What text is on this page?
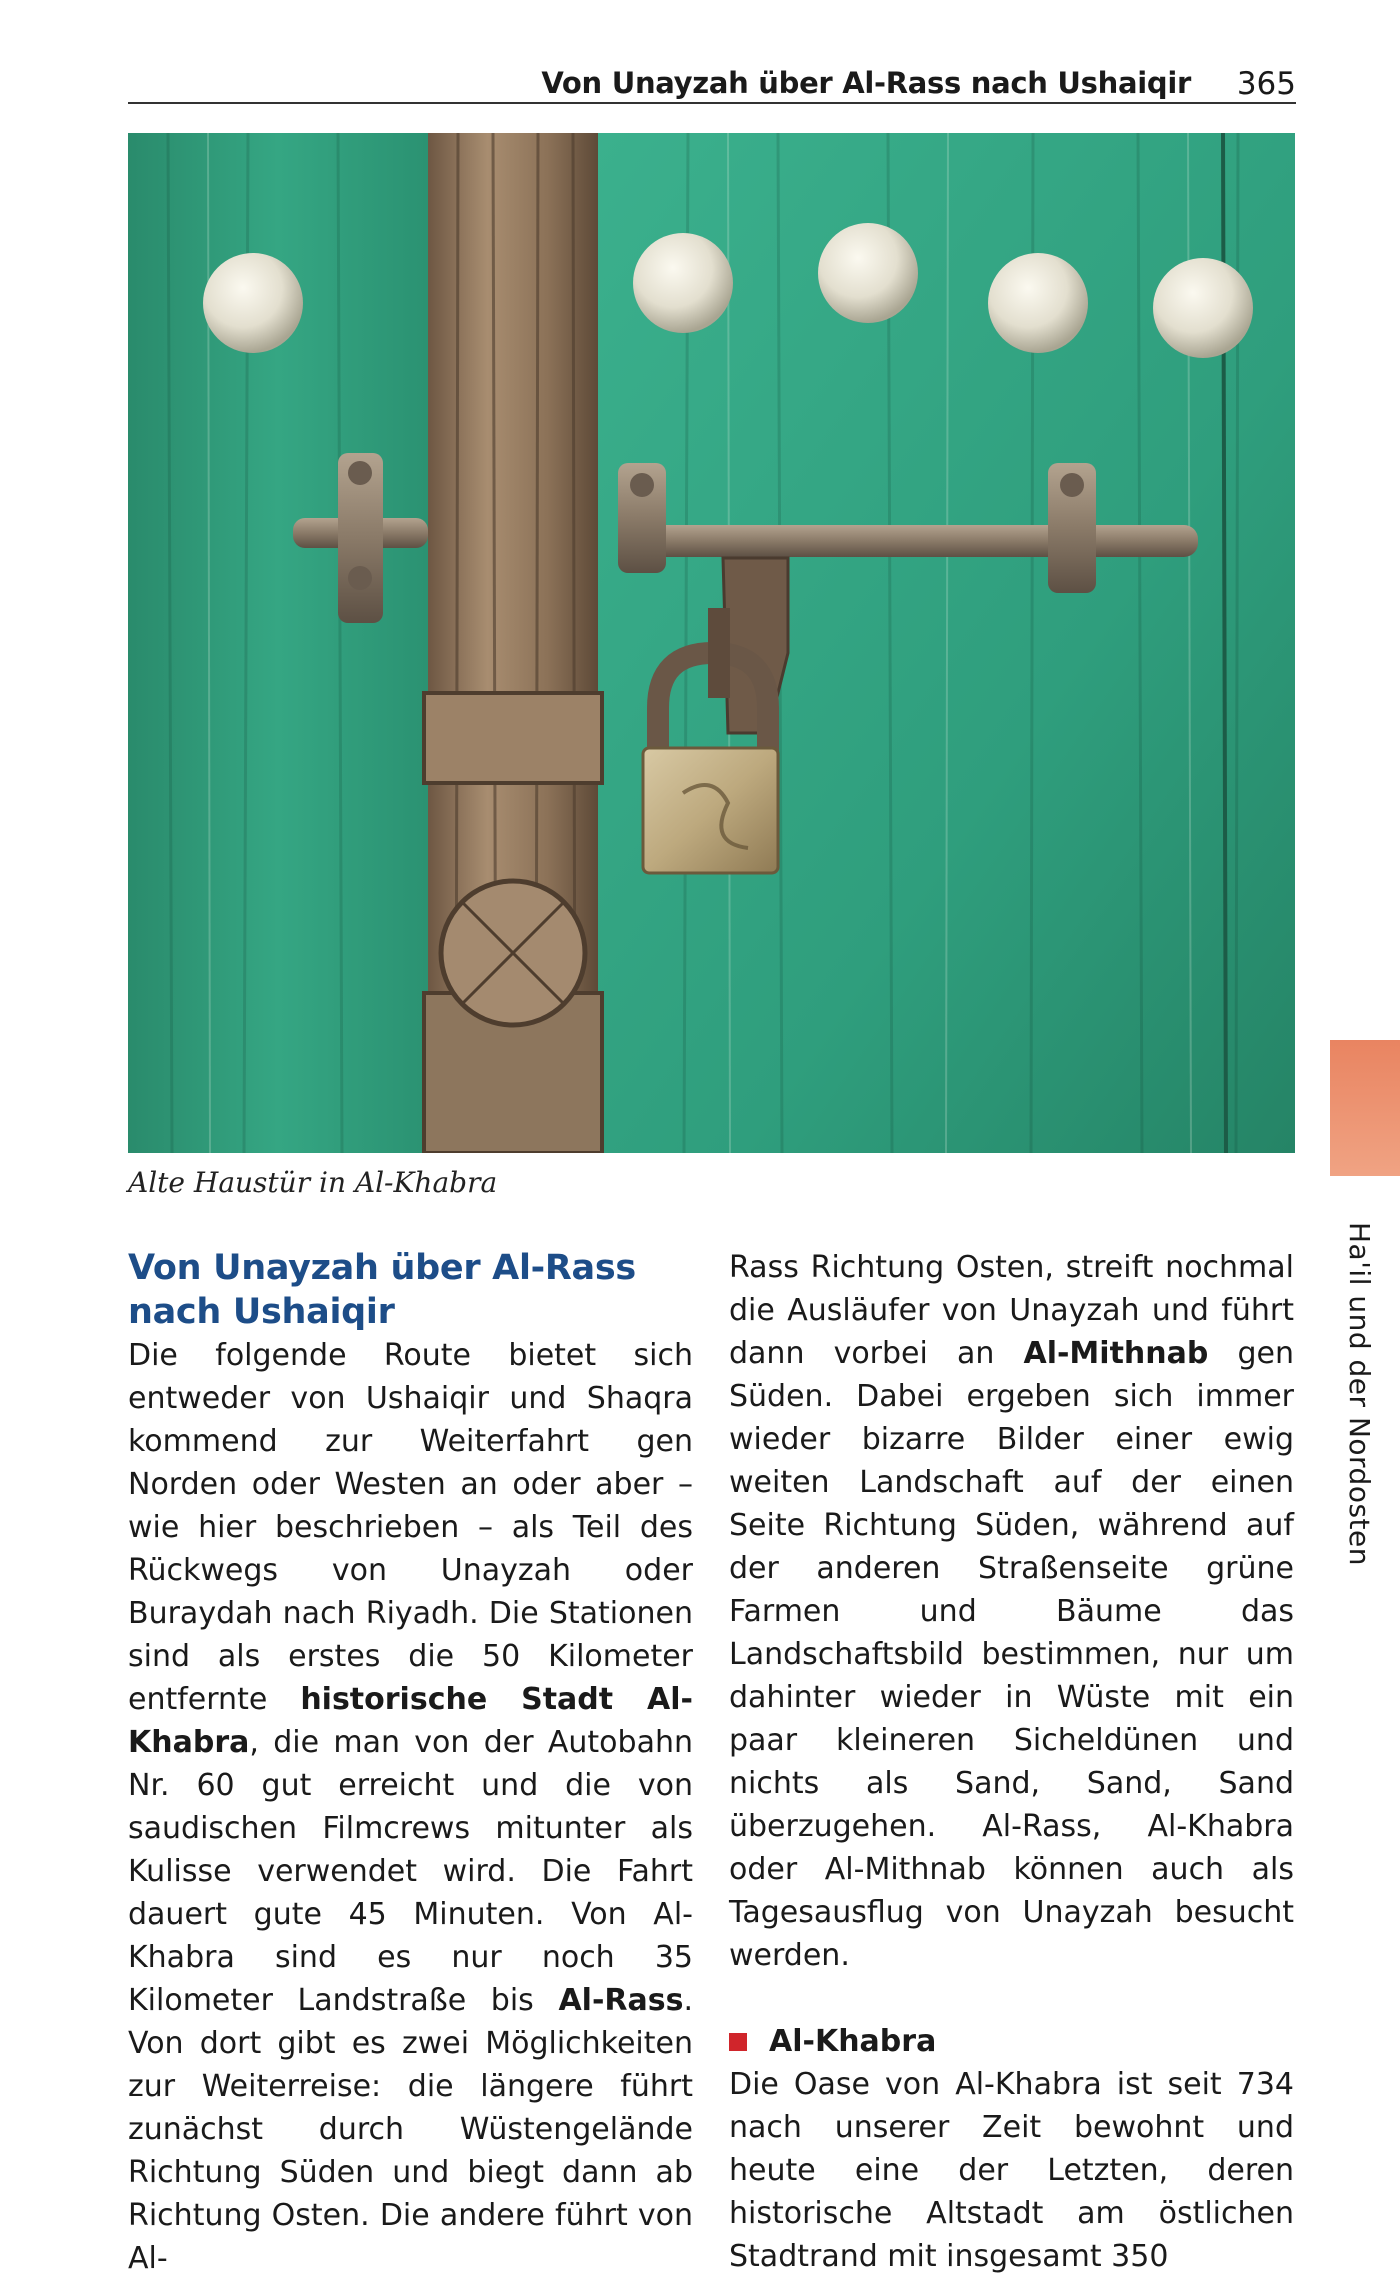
Von Unayzah über Al-Rass nach Ushaiqir 365
Alte Haustür in Al-Khabra
Ha'il und der Nordosten
Von Unayzah über Al-Rass nach Ushaiqir

Die folgende Route bietet sich entweder von Ushaiqir und Shaqra kommend zur Weiterfahrt gen Norden oder Westen an oder aber – wie hier beschrieben – als Teil des Rückwegs von Unayzah oder Buraydah nach Riyadh. Die Stationen sind als erstes die 50 Kilometer entfernte historische Stadt Al-Khabra, die man von der Autobahn Nr. 60 gut erreicht und die von saudischen Filmcrews mitunter als Kulisse verwendet wird. Die Fahrt dauert gute 45 Minuten. Von Al-Khabra sind es nur noch 35 Kilometer Landstraße bis Al-Rass. Von dort gibt es zwei Möglichkeiten zur Weiterreise: die längere führt zunächst durch Wüstengelände Richtung Süden und biegt dann ab Richtung Osten. Die andere führt von Al-

Rass Richtung Osten, streift nochmal die Ausläufer von Unayzah und führt dann vorbei an Al-Mithnab gen Süden. Dabei ergeben sich immer wieder bizarre Bilder einer ewig weiten Landschaft auf der einen Seite Richtung Süden, während auf der anderen Straßenseite grüne Farmen und Bäume das Landschaftsbild bestimmen, nur um dahinter wieder in Wüste mit ein paar kleineren Sicheldünen und nichts als Sand, Sand, Sand überzugehen. Al-Rass, Al-Khabra oder Al-Mithnab können auch als Tagesausflug von Unayzah besucht werden.

Al-Khabra

Die Oase von Al-Khabra ist seit 734 nach unserer Zeit bewohnt und heute eine der Letzten, deren historische Altstadt am östlichen Stadtrand mit insgesamt 350
